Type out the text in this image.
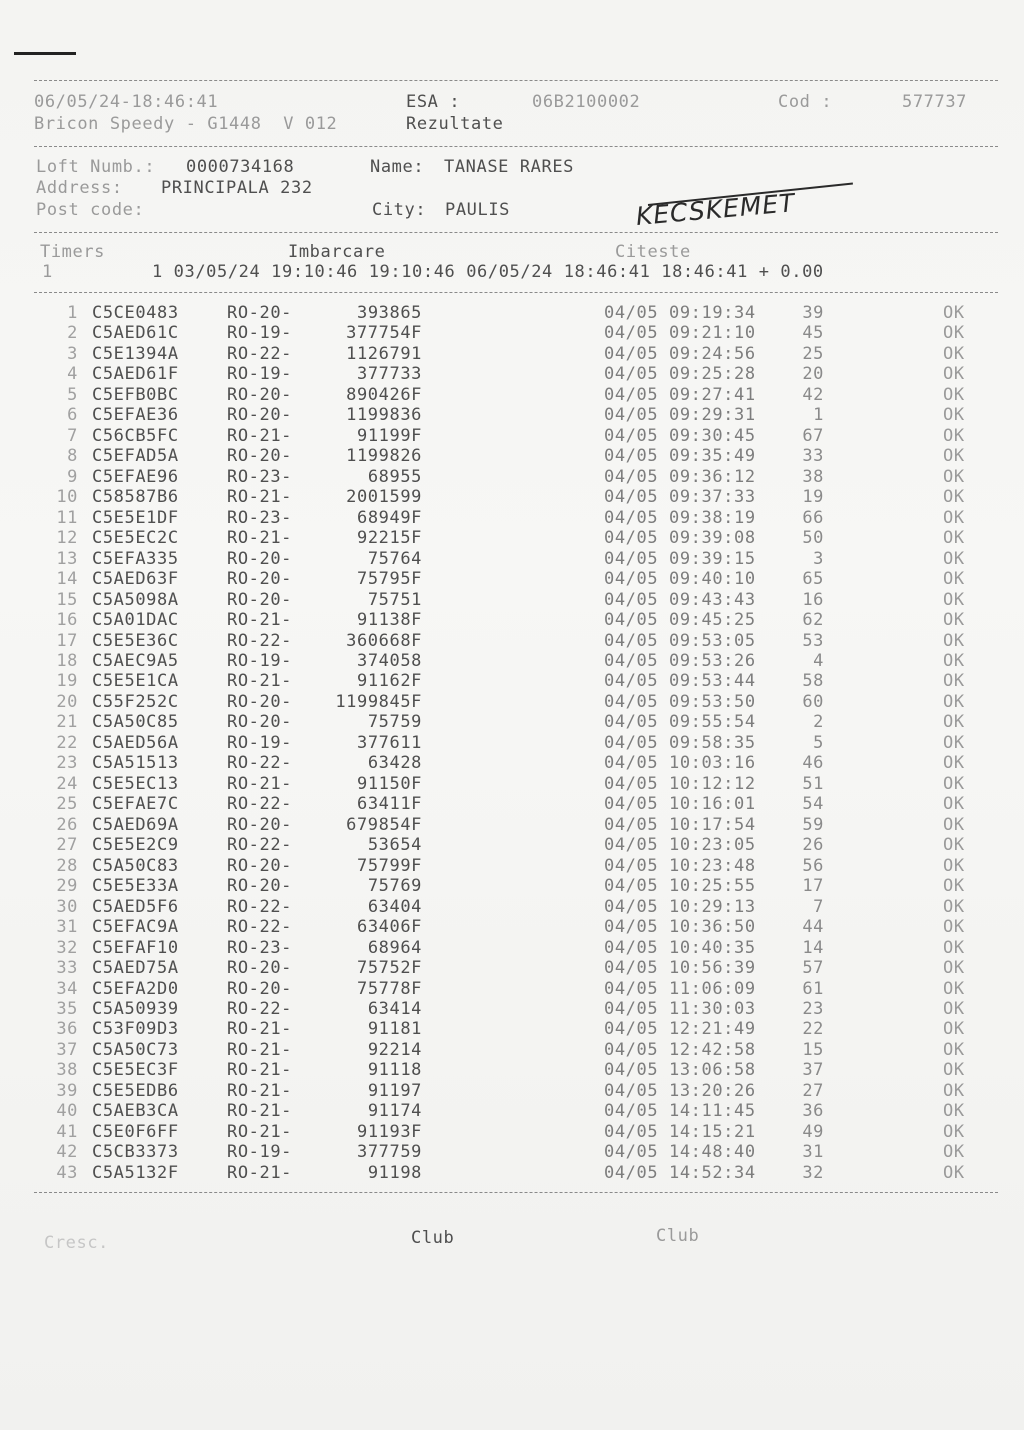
06/05/24-18:46:41	ESA :	06B2100002	Cod :	577737
Bricon Speedy - G1448  V 012	Rezultate
Loft Numb.: 0000734168	Name: TANASE RARES
Address: PRINCIPALA 232
Post code:	City: PAULIS	KECSKEMET
Timers	Imbarcare	Citeste
1	1 03/05/24 19:10:46 19:10:46 06/05/24 18:46:41 18:46:41 + 0.00
1 C5CE0483	RO-20-	393865	04/05 09:19:34	39	OK
2 C5AED61C	RO-19-	377754F	04/05 09:21:10	45	OK
3 C5E1394A	RO-22-	1126791	04/05 09:24:56	25	OK
4 C5AED61F	RO-19-	377733	04/05 09:25:28	20	OK
5 C5EFB0BC	RO-20-	890426F	04/05 09:27:41	42	OK
6 C5EFAE36	RO-20-	1199836	04/05 09:29:31	1	OK
7 C56CB5FC	RO-21-	91199F	04/05 09:30:45	67	OK
8 C5EFAD5A	RO-20-	1199826	04/05 09:35:49	33	OK
9 C5EFAE96	RO-23-	68955	04/05 09:36:12	38	OK
10 C58587B6	RO-21-	2001599	04/05 09:37:33	19	OK
11 C5E5E1DF	RO-23-	68949F	04/05 09:38:19	66	OK
12 C5E5EC2C	RO-21-	92215F	04/05 09:39:08	50	OK
13 C5EFA335	RO-20-	75764	04/05 09:39:15	3	OK
14 C5AED63F	RO-20-	75795F	04/05 09:40:10	65	OK
15 C5A5098A	RO-20-	75751	04/05 09:43:43	16	OK
16 C5A01DAC	RO-21-	91138F	04/05 09:45:25	62	OK
17 C5E5E36C	RO-22-	360668F	04/05 09:53:05	53	OK
18 C5AEC9A5	RO-19-	374058	04/05 09:53:26	4	OK
19 C5E5E1CA	RO-21-	91162F	04/05 09:53:44	58	OK
20 C55F252C	RO-20-	1199845F	04/05 09:53:50	60	OK
21 C5A50C85	RO-20-	75759	04/05 09:55:54	2	OK
22 C5AED56A	RO-19-	377611	04/05 09:58:35	5	OK
23 C5A51513	RO-22-	63428	04/05 10:03:16	46	OK
24 C5E5EC13	RO-21-	91150F	04/05 10:12:12	51	OK
25 C5EFAE7C	RO-22-	63411F	04/05 10:16:01	54	OK
26 C5AED69A	RO-20-	679854F	04/05 10:17:54	59	OK
27 C5E5E2C9	RO-22-	53654	04/05 10:23:05	26	OK
28 C5A50C83	RO-20-	75799F	04/05 10:23:48	56	OK
29 C5E5E33A	RO-20-	75769	04/05 10:25:55	17	OK
30 C5AED5F6	RO-22-	63404	04/05 10:29:13	7	OK
31 C5EFAC9A	RO-22-	63406F	04/05 10:36:50	44	OK
32 C5EFAF10	RO-23-	68964	04/05 10:40:35	14	OK
33 C5AED75A	RO-20-	75752F	04/05 10:56:39	57	OK
34 C5EFA2D0	RO-20-	75778F	04/05 11:06:09	61	OK
35 C5A50939	RO-22-	63414	04/05 11:30:03	23	OK
36 C53F09D3	RO-21-	91181	04/05 12:21:49	22	OK
37 C5A50C73	RO-21-	92214	04/05 12:42:58	15	OK
38 C5E5EC3F	RO-21-	91118	04/05 13:06:58	37	OK
39 C5E5EDB6	RO-21-	91197	04/05 13:20:26	27	OK
40 C5AEB3CA	RO-21-	91174	04/05 14:11:45	36	OK
41 C5E0F6FF	RO-21-	91193F	04/05 14:15:21	49	OK
42 C5CB3373	RO-19-	377759	04/05 14:48:40	31	OK
43 C5A5132F	RO-21-	91198	04/05 14:52:34	32	OK
Cresc.	Club	Club
